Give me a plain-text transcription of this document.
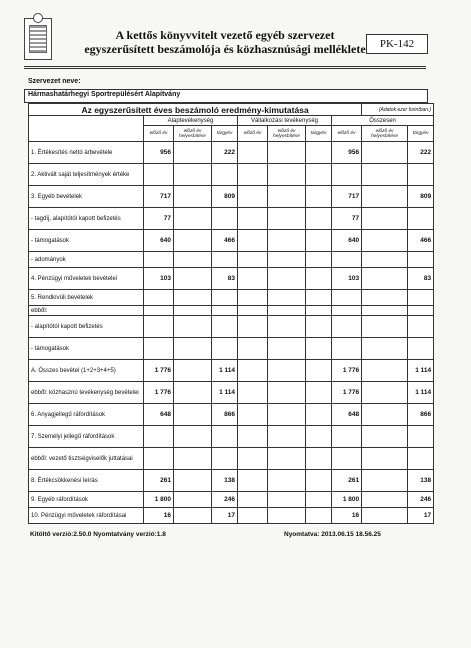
A kettős könyvvitelt vezető egyéb szervezet
egyszerűsített beszámolója és közhasznúsági melléklete	PK-142
Szervezet neve:
Hármashatárhegyi Sportrepülésért Alapítvány
Az egyszerűsített éves beszámoló eredmény-kimutatása								(Adatok ezer forintban.)	
	Alaptevékenység			Vállalkozási tevékenység			Összesen		
	előző év	előző év helyesbítése	tárgyév	előző év	előző év helyesbítése	tárgyév	előző év	előző év helyesbítése	tárgyév
1. Értékesítés nettó árbevétele	956		222				956		222
2. Aktivált saját teljesítmények értéke									
3. Egyéb bevételek	717		809				717		809
- tagdíj, alapítótól kapott befizetés	77						77		
- támogatások	640		466				640		466
- adományok									
4. Pénzügyi műveletek bevételei	103		83				103		83
5. Rendkívüli bevételek									
ebből:									
- alapítótól kapott befizetés									
- támogatások									
A. Összes bevétel (1+2+3+4+5)	1 776		1 114				1 776		1 114
ebből: közhasznú tevékenység bevételei	1 776		1 114				1 776		1 114
6. Anyagjellegű ráfordítások	648		866				648		866
7. Személyi jellegű ráfordítások									
ebből: vezető tisztségviselők juttatásai									
8. Értékcsökkenési leírás	261		138				261		138
9. Egyéb ráfordítások	1 800		246				1 800		246
10. Pénzügyi műveletek ráfordításai	16		17				16		17
Kitöltő verzió:2.50.0 Nyomtatvány verzió:1.8	Nyomtatva: 2013.06.15 18.56.25
